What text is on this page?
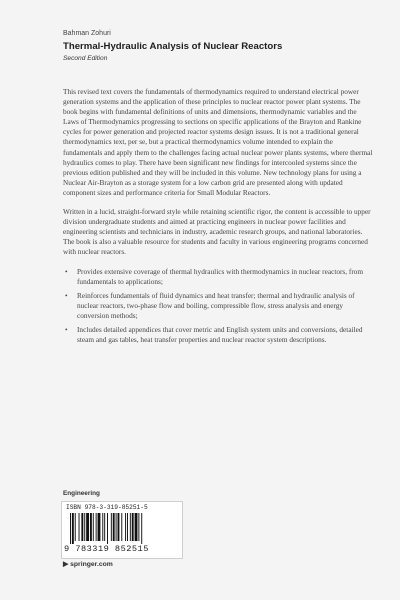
Bahman Zohuri
Thermal-Hydraulic Analysis of Nuclear Reactors
Second Edition

This revised text covers the fundamentals of thermodynamics required to understand electrical power generation systems and the application of these principles to nuclear reactor power plant systems. The book begins with fundamental definitions of units and dimensions, thermodynamic variables and the Laws of Thermodynamics progressing to sections on specific applications of the Brayton and Rankine cycles for power generation and projected reactor systems design issues. It is not a traditional general thermodynamics text, per se, but a practical thermodynamics volume intended to explain the fundamentals and apply them to the challenges facing actual nuclear power plants systems, where thermal hydraulics comes to play. There have been significant new findings for intercooled systems since the previous edition published and they will be included in this volume. New technology plans for using a Nuclear Air-Brayton as a storage system for a low carbon grid are presented along with updated component sizes and performance criteria for Small Modular Reactors.

Written in a lucid, straight-forward style while retaining scientific rigor, the content is accessible to upper division undergraduate students and aimed at practicing engineers in nuclear power facilities and engineering scientists and technicians in industry, academic research groups, and national laboratories. The book is also a valuable resource for students and faculty in various engineering programs concerned with nuclear reactors.

• Provides extensive coverage of thermal hydraulics with thermodynamics in nuclear reactors, from fundamentals to applications;
• Reinforces fundamentals of fluid dynamics and heat transfer; thermal and hydraulic analysis of nuclear reactors, two-phase flow and boiling, compressible flow, stress analysis and energy conversion methods;
• Includes detailed appendices that cover metric and English system units and conversions, detailed steam and gas tables, heat transfer properties and nuclear reactor system descriptions.
Engineering
ISBN 978-3-319-85251-5
9 783319 852515
▶ springer.com
